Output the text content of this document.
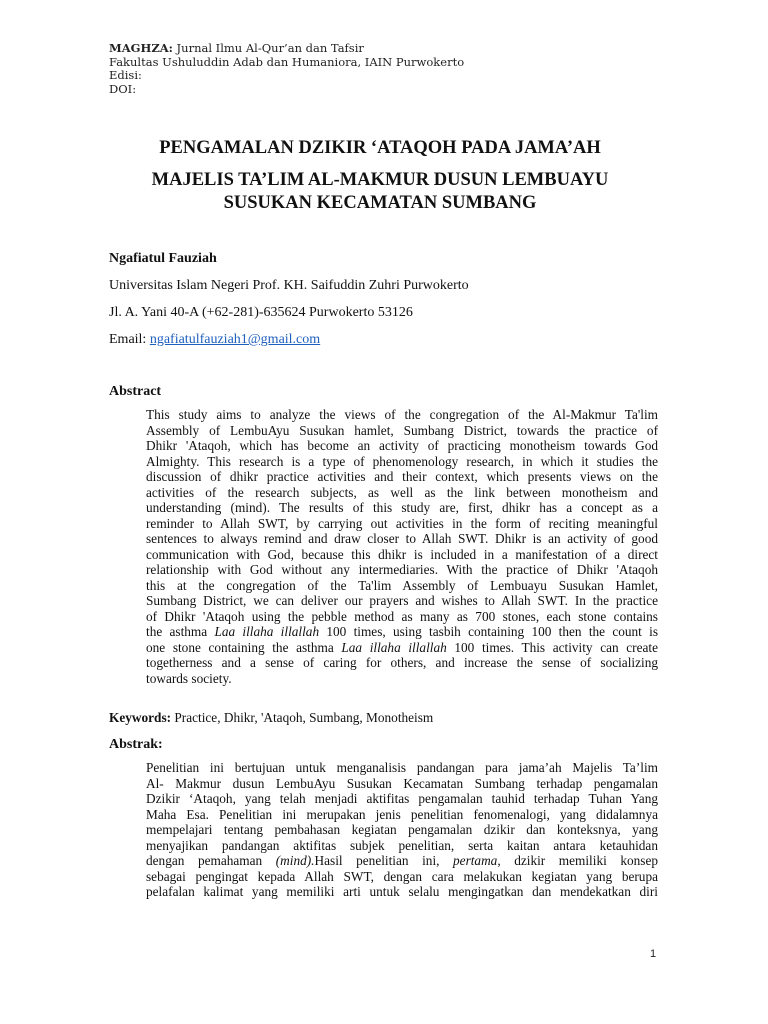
MAGHZA: Jurnal Ilmu Al-Qur’an dan Tafsir
Fakultas Ushuluddin Adab dan Humaniora, IAIN Purwokerto
Edisi:
DOI:
PENGAMALAN DZIKIR ‘ATAQOH PADA JAMA’AH
MAJELIS TA’LIM AL-MAKMUR DUSUN LEMBUAYU
SUSUKAN KECAMATAN SUMBANG
Ngafiatul Fauziah
Universitas Islam Negeri Prof. KH. Saifuddin Zuhri Purwokerto
Jl. A. Yani 40-A (+62-281)-635624 Purwokerto 53126
Email: ngafiatulfauziah1@gmail.com
Abstract
This study aims to analyze the views of the congregation of the Al-Makmur Ta'lim
Assembly of LembuAyu Susukan hamlet, Sumbang District, towards the practice of
Dhikr 'Ataqoh, which has become an activity of practicing monotheism towards God
Almighty. This research is a type of phenomenology research, in which it studies the
discussion of dhikr practice activities and their context, which presents views on the
activities of the research subjects, as well as the link between monotheism and
understanding (mind). The results of this study are, first, dhikr has a concept as a
reminder to Allah SWT, by carrying out activities in the form of reciting meaningful
sentences to always remind and draw closer to Allah SWT. Dhikr is an activity of good
communication with God, because this dhikr is included in a manifestation of a direct
relationship with God without any intermediaries. With the practice of Dhikr 'Ataqoh
this at the congregation of the Ta'lim Assembly of Lembuayu Susukan Hamlet,
Sumbang District, we can deliver our prayers and wishes to Allah SWT. In the practice
of Dhikr 'Ataqoh using the pebble method as many as 700 stones, each stone contains
the asthma Laa illaha illallah 100 times, using tasbih containing 100 then the count is
one stone containing the asthma Laa illaha illallah 100 times. This activity can create
togetherness and a sense of caring for others, and increase the sense of socializing
towards society.
Keywords: Practice, Dhikr, 'Ataqoh, Sumbang, Monotheism
Abstrak:
Penelitian ini bertujuan untuk menganalisis pandangan para jama’ah Majelis Ta’lim
Al- Makmur dusun LembuAyu Susukan Kecamatan Sumbang terhadap pengamalan
Dzikir ‘Ataqoh, yang telah menjadi aktifitas pengamalan tauhid terhadap Tuhan Yang
Maha Esa. Penelitian ini merupakan jenis penelitian fenomenalogi, yang didalamnya
mempelajari tentang pembahasan kegiatan pengamalan dzikir dan konteksnya, yang
menyajikan pandangan aktifitas subjek penelitian, serta kaitan antara ketauhidan
dengan pemahaman (mind).Hasil penelitian ini, pertama, dzikir memiliki konsep
sebagai pengingat kepada Allah SWT, dengan cara melakukan kegiatan yang berupa
pelafalan kalimat yang memiliki arti untuk selalu mengingatkan dan mendekatkan diri
1
